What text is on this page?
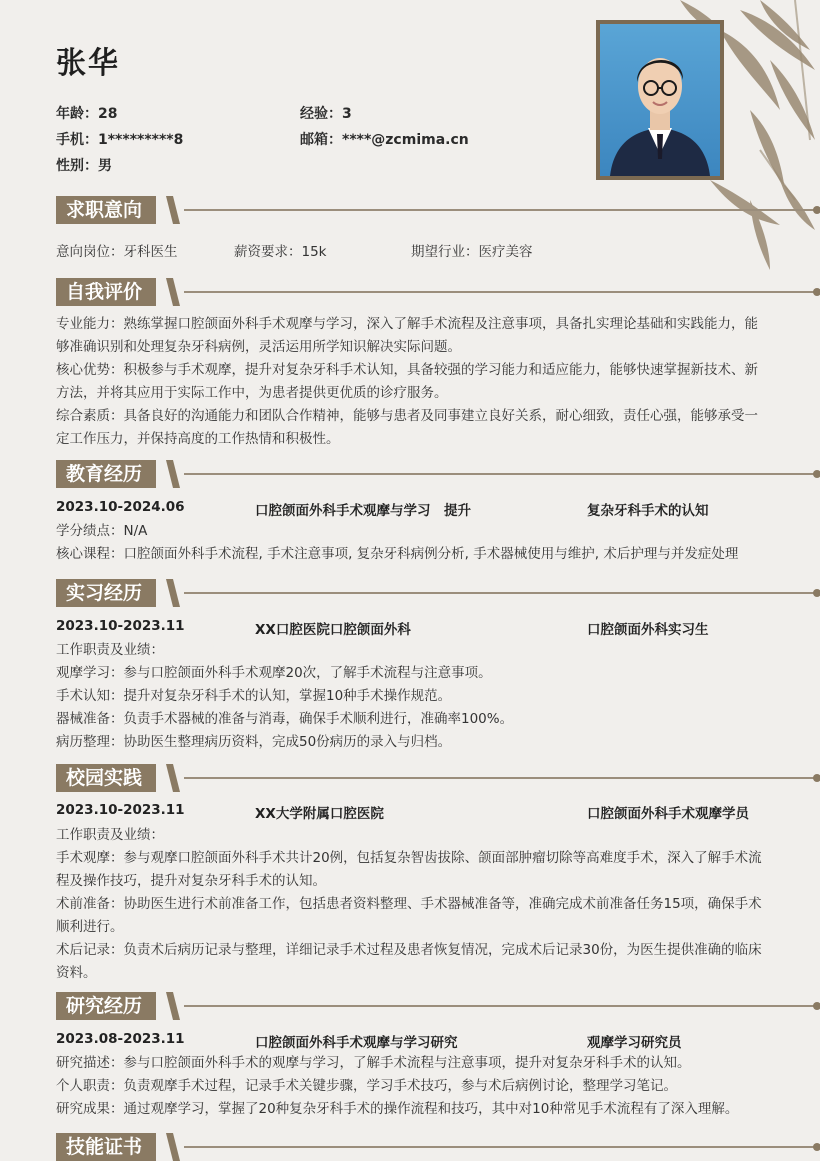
张华
年龄：28	经验：3
手机：1*********8	邮箱：****@zcmima.cn
性别：男
求职意向
意向岗位：牙科医生	薪资要求：15k	期望行业：医疗美容
自我评价
专业能力：熟练掌握口腔颌面外科手术观摩与学习，深入了解手术流程及注意事项，具备扎实理论基础和实践能力，能够准确识别和处理复杂牙科病例，灵活运用所学知识解决实际问题。
核心优势：积极参与手术观摩，提升对复杂牙科手术认知，具备较强的学习能力和适应能力，能够快速掌握新技术、新方法，并将其应用于实际工作中，为患者提供更优质的诊疗服务。
综合素质：具备良好的沟通能力和团队合作精神，能够与患者及同事建立良好关系，耐心细致，责任心强，能够承受一定工作压力，并保持高度的工作热情和积极性。
教育经历
2023.10-2024.06	口腔颌面外科手术观摩与学习　提升	复杂牙科手术的认知
学分绩点：N/A
核心课程：口腔颌面外科手术流程, 手术注意事项, 复杂牙科病例分析, 手术器械使用与维护, 术后护理与并发症处理
实习经历
2023.10-2023.11	XX口腔医院口腔颌面外科	口腔颌面外科实习生
工作职责及业绩：
观摩学习：参与口腔颌面外科手术观摩20次，了解手术流程与注意事项。
手术认知：提升对复杂牙科手术的认知，掌握10种手术操作规范。
器械准备：负责手术器械的准备与消毒，确保手术顺利进行，准确率100%。
病历整理：协助医生整理病历资料，完成50份病历的录入与归档。
校园实践
2023.10-2023.11	XX大学附属口腔医院	口腔颌面外科手术观摩学员
工作职责及业绩：
手术观摩：参与观摩口腔颌面外科手术共计20例，包括复杂智齿拔除、颌面部肿瘤切除等高难度手术，深入了解手术流程及操作技巧，提升对复杂牙科手术的认知。
术前准备：协助医生进行术前准备工作，包括患者资料整理、手术器械准备等，准确完成术前准备任务15项，确保手术顺利进行。
术后记录：负责术后病历记录与整理，详细记录手术过程及患者恢复情况，完成术后记录30份，为医生提供准确的临床资料。
研究经历
2023.08-2023.11	口腔颌面外科手术观摩与学习研究	观摩学习研究员
研究描述：参与口腔颌面外科手术的观摩与学习，了解手术流程与注意事项，提升对复杂牙科手术的认知。
个人职责：负责观摩手术过程，记录手术关键步骤，学习手术技巧，参与术后病例讨论，整理学习笔记。
研究成果：通过观摩学习，掌握了20种复杂牙科手术的操作流程和技巧，其中对10种常见手术流程有了深入理解。
技能证书
